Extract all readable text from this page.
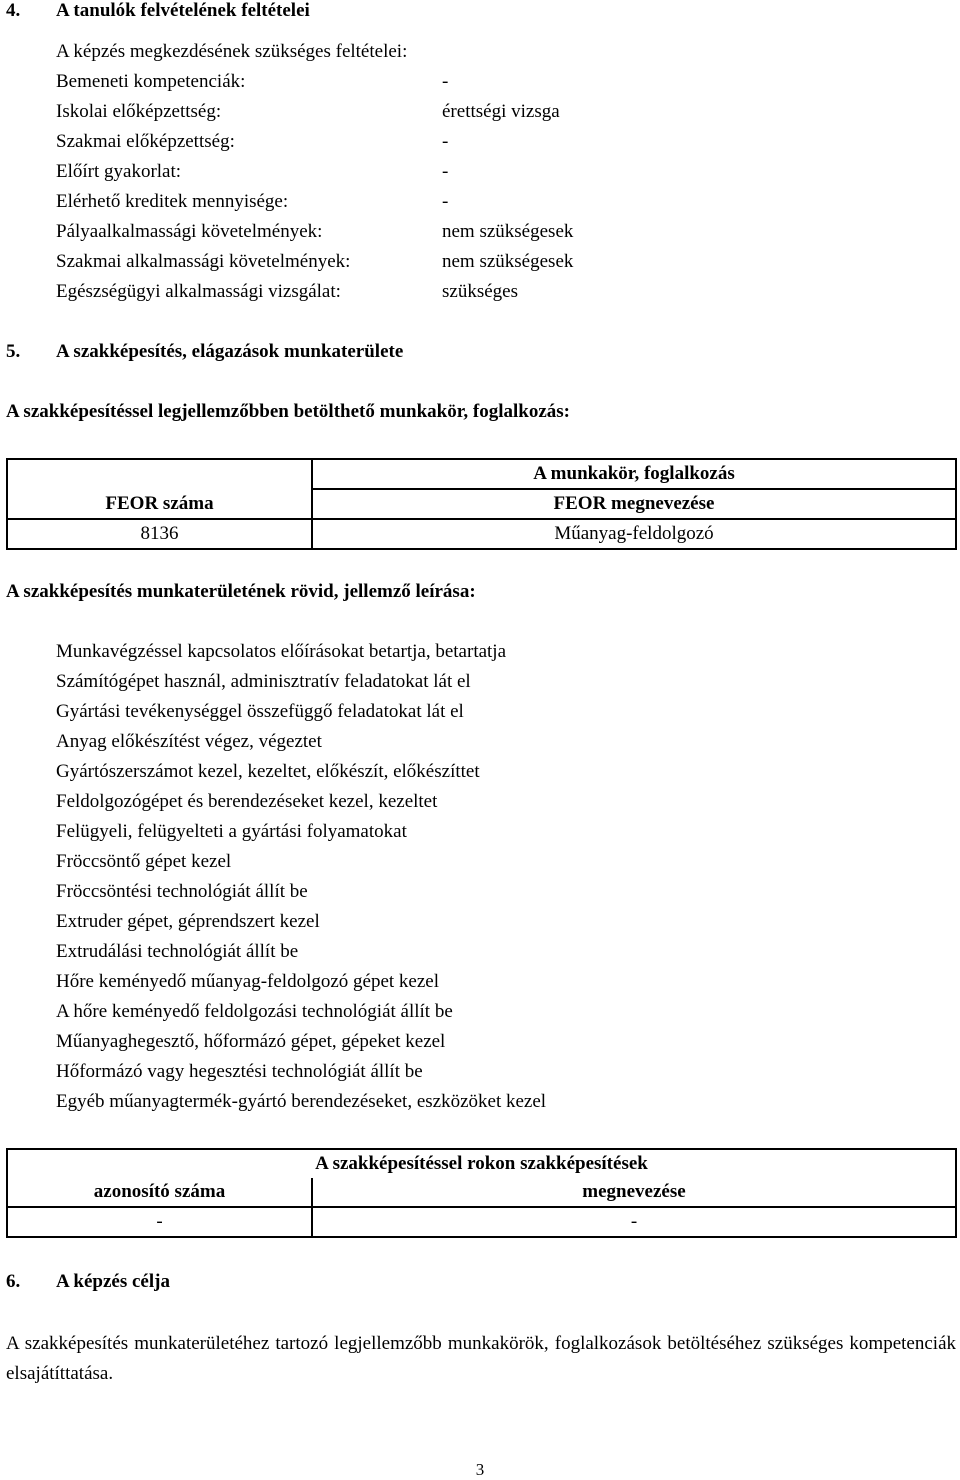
4. A tanulók felvételének feltételei
A képzés megkezdésének szükséges feltételei:
Bemeneti kompetenciák:	-
Iskolai előképzettség:	érettségi vizsga
Szakmai előképzettség:	-
Előírt gyakorlat:	-
Elérhető kreditek mennyisége:	-
Pályaalkalmassági követelmények:	nem szükségesek
Szakmai alkalmassági követelmények:	nem szükségesek
Egészségügyi alkalmassági vizsgálat:	szükséges
5. A szakképesítés, elágazások munkaterülete
A szakképesítéssel legjellemzőbben betölthető munkakör, foglalkozás:
	A munkakör, foglalkozás
FEOR száma	FEOR megnevezése
8136	Műanyag-feldolgozó
A szakképesítés munkaterületének rövid, jellemző leírása:
Munkavégzéssel kapcsolatos előírásokat betartja, betartatja
Számítógépet használ, adminisztratív feladatokat lát el
Gyártási tevékenységgel összefüggő feladatokat lát el
Anyag előkészítést végez, végeztet
Gyártószerszámot kezel, kezeltet, előkészít, előkészíttet
Feldolgozógépet és berendezéseket kezel, kezeltet
Felügyeli, felügyelteti a gyártási folyamatokat
Fröccsöntő gépet kezel
Fröccsöntési technológiát állít be
Extruder gépet, géprendszert kezel
Extrudálási technológiát állít be
Hőre keményedő műanyag-feldolgozó gépet kezel
A hőre keményedő feldolgozási technológiát állít be
Műanyaghegesztő, hőformázó gépet, gépeket kezel
Hőformázó vagy hegesztési technológiát állít be
Egyéb műanyagtermék-gyártó berendezéseket, eszközöket kezel
A szakképesítéssel rokon szakképesítések	
azonosító száma	megnevezése
-	-
6. A képzés célja
A szakképesítés munkaterületéhez tartozó legjellemzőbb munkakörök, foglalkozások betöltéséhez szükséges kompetenciák elsajátíttatása.
3
